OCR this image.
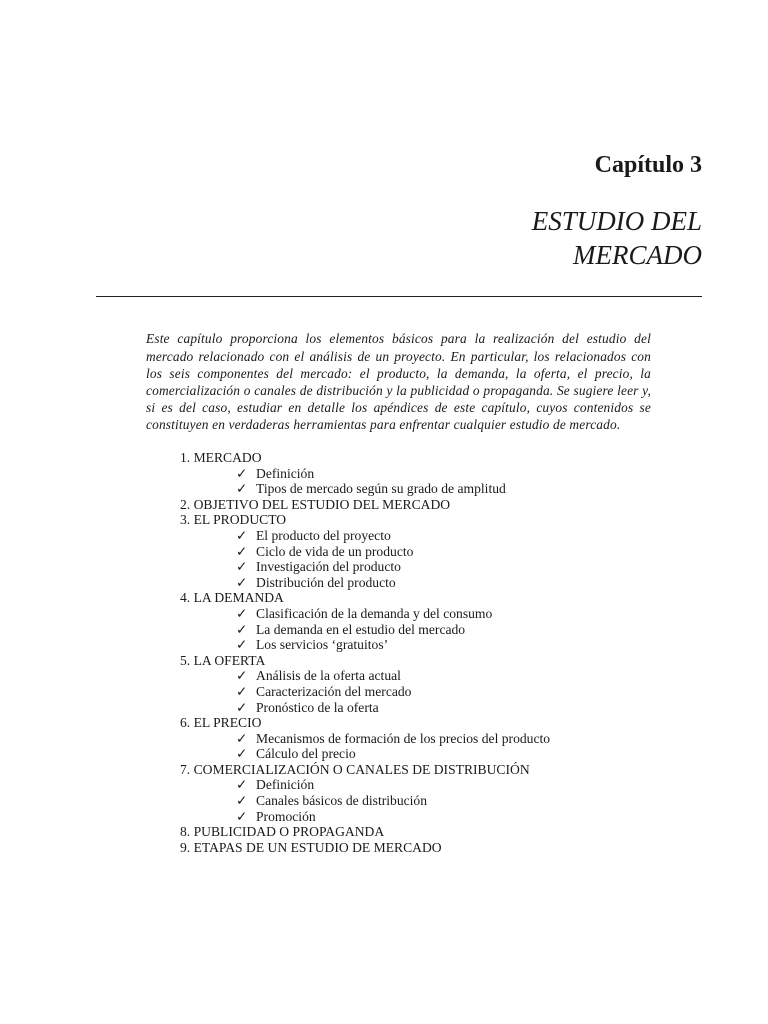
Capítulo 3
ESTUDIO DEL
MERCADO

Este capítulo proporciona los elementos básicos para la realización del estudio del mercado relacionado con el análisis de un proyecto. En particular, los relacionados con los seis componentes del mercado: el producto, la demanda, la oferta, el precio, la comercialización o canales de distribución y la publicidad o propaganda. Se sugiere leer y, si es del caso, estudiar en detalle los apéndices de este capítulo, cuyos contenidos se constituyen en verdaderas herramientas para enfrentar cualquier estudio de mercado.

1. MERCADO
✓ Definición
✓ Tipos de mercado según su grado de amplitud
2. OBJETIVO DEL ESTUDIO DEL MERCADO
3. EL PRODUCTO
✓ El producto del proyecto
✓ Ciclo de vida de un producto
✓ Investigación del producto
✓ Distribución del producto
4. LA DEMANDA
✓ Clasificación de la demanda y del consumo
✓ La demanda en el estudio del mercado
✓ Los servicios ‘gratuitos’
5. LA OFERTA
✓ Análisis de la oferta actual
✓ Caracterización del mercado
✓ Pronóstico de la oferta
6. EL PRECIO
✓ Mecanismos de formación de los precios del producto
✓ Cálculo del precio
7. COMERCIALIZACIÓN O CANALES DE DISTRIBUCIÓN
✓ Definición
✓ Canales básicos de distribución
✓ Promoción
8. PUBLICIDAD O PROPAGANDA
9. ETAPAS DE UN ESTUDIO DE MERCADO
